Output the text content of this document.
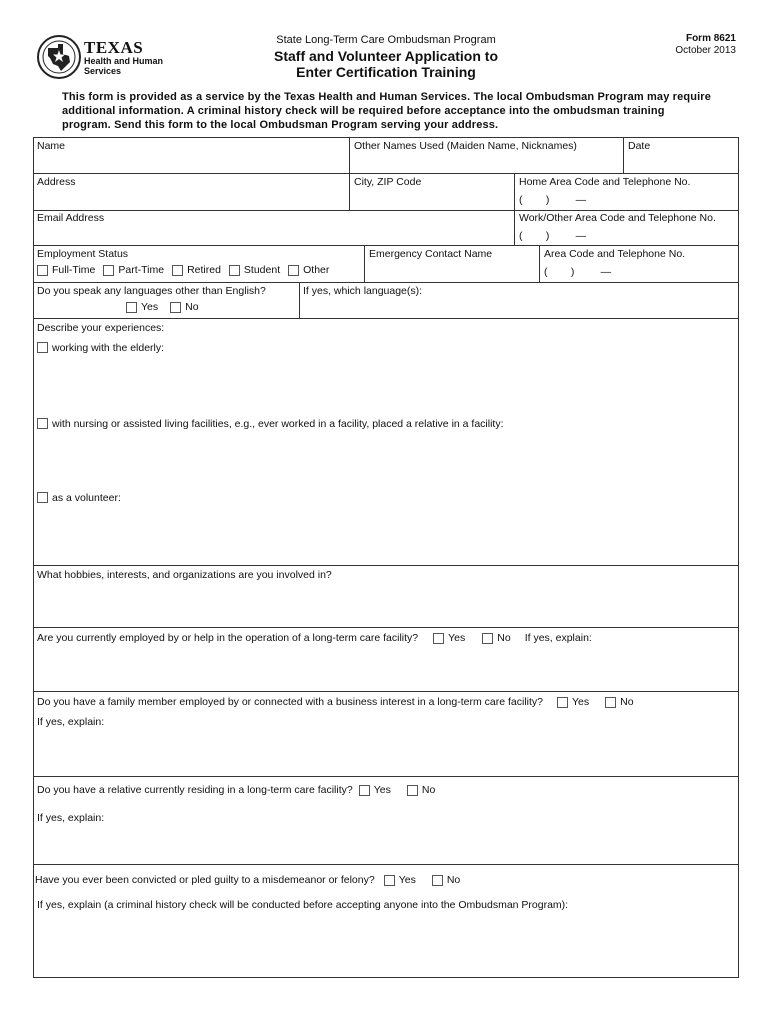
TEXAS
Health and Human
Services
State Long-Term Care Ombudsman Program
Staff and Volunteer Application to
Enter Certification Training
Form 8621
October 2013
This form is provided as a service by the Texas Health and Human Services. The local Ombudsman Program may require additional information. A criminal history check will be required before acceptance into the ombudsman training program. Send this form to the local Ombudsman Program serving your address.
Name	Other Names Used (Maiden Name, Nicknames)	Date
Address	City, ZIP Code	Home Area Code and Telephone No.
(        )         —
Email Address	Work/Other Area Code and Telephone No.
(        )         —
Employment Status
Full-Time Part-Time Retired Student Other
Emergency Contact Name	Area Code and Telephone No.
(        )         —
Do you speak any languages other than English?
Yes	No
If yes, which language(s):
Describe your experiences:
working with the elderly:
with nursing or assisted living facilities, e.g., ever worked in a facility, placed a relative in a facility:
as a volunteer:
What hobbies, interests, and organizations are you involved in?
Are you currently employed by or help in the operation of a long-term care facility?	Yes	No If yes, explain:
Do you have a family member employed by or connected with a business interest in a long-term care facility?	Yes	No
If yes, explain:
Do you have a relative currently residing in a long-term care facility? Yes	No
If yes, explain:
Have you ever been convicted or pled guilty to a misdemeanor or felony? Yes	No
If yes, explain (a criminal history check will be conducted before accepting anyone into the Ombudsman Program):
